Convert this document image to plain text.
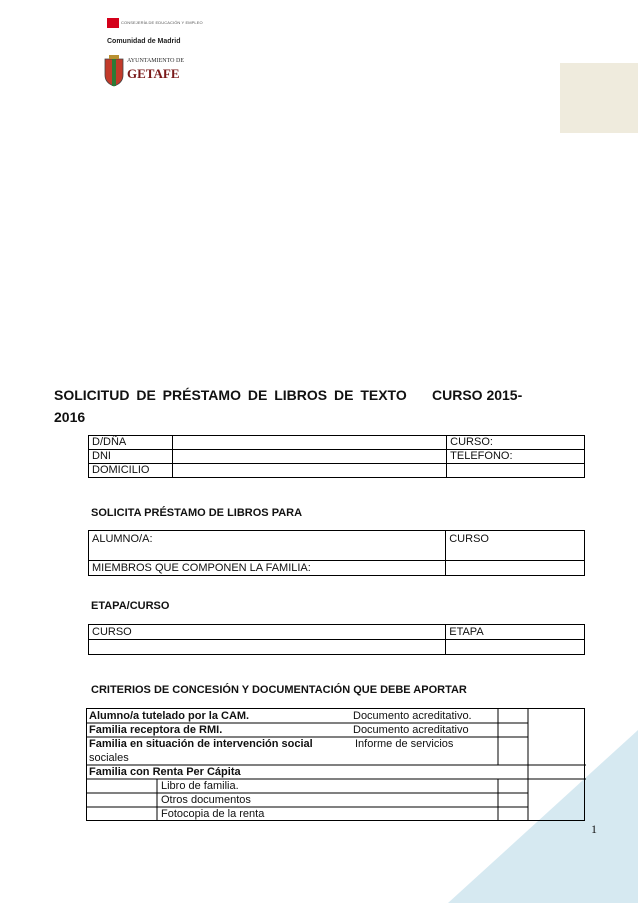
CONSEJERÍA DE EDUCACIÓN Y EMPLEO
Comunidad de Madrid
AYUNTAMIENTO DE
GETAFE
SOLICITUD DE PRÉSTAMO DE LIBROS DE TEXTO CURSO 2015-
2016
D/DÑA		CURSO:
DNI		TELEFONO:
DOMICILIO		
SOLICITA PRÉSTAMO DE LIBROS PARA
ALUMNO/A:	CURSO
MIEMBROS QUE COMPONEN LA FAMILIA:	
ETAPA/CURSO
CURSO	ETAPA

CRITERIOS DE CONCESIÓN Y DOCUMENTACIÓN QUE DEBE APORTAR
Alumno/a tutelado por la CAM.	Documento acreditativo.
Familia receptora de RMI.	Documento acreditativo
Familia en situación de intervención social	Informe de servicios
sociales
Familia con Renta Per Cápita
Libro de familia.
Otros documentos
Fotocopia de la renta
1
